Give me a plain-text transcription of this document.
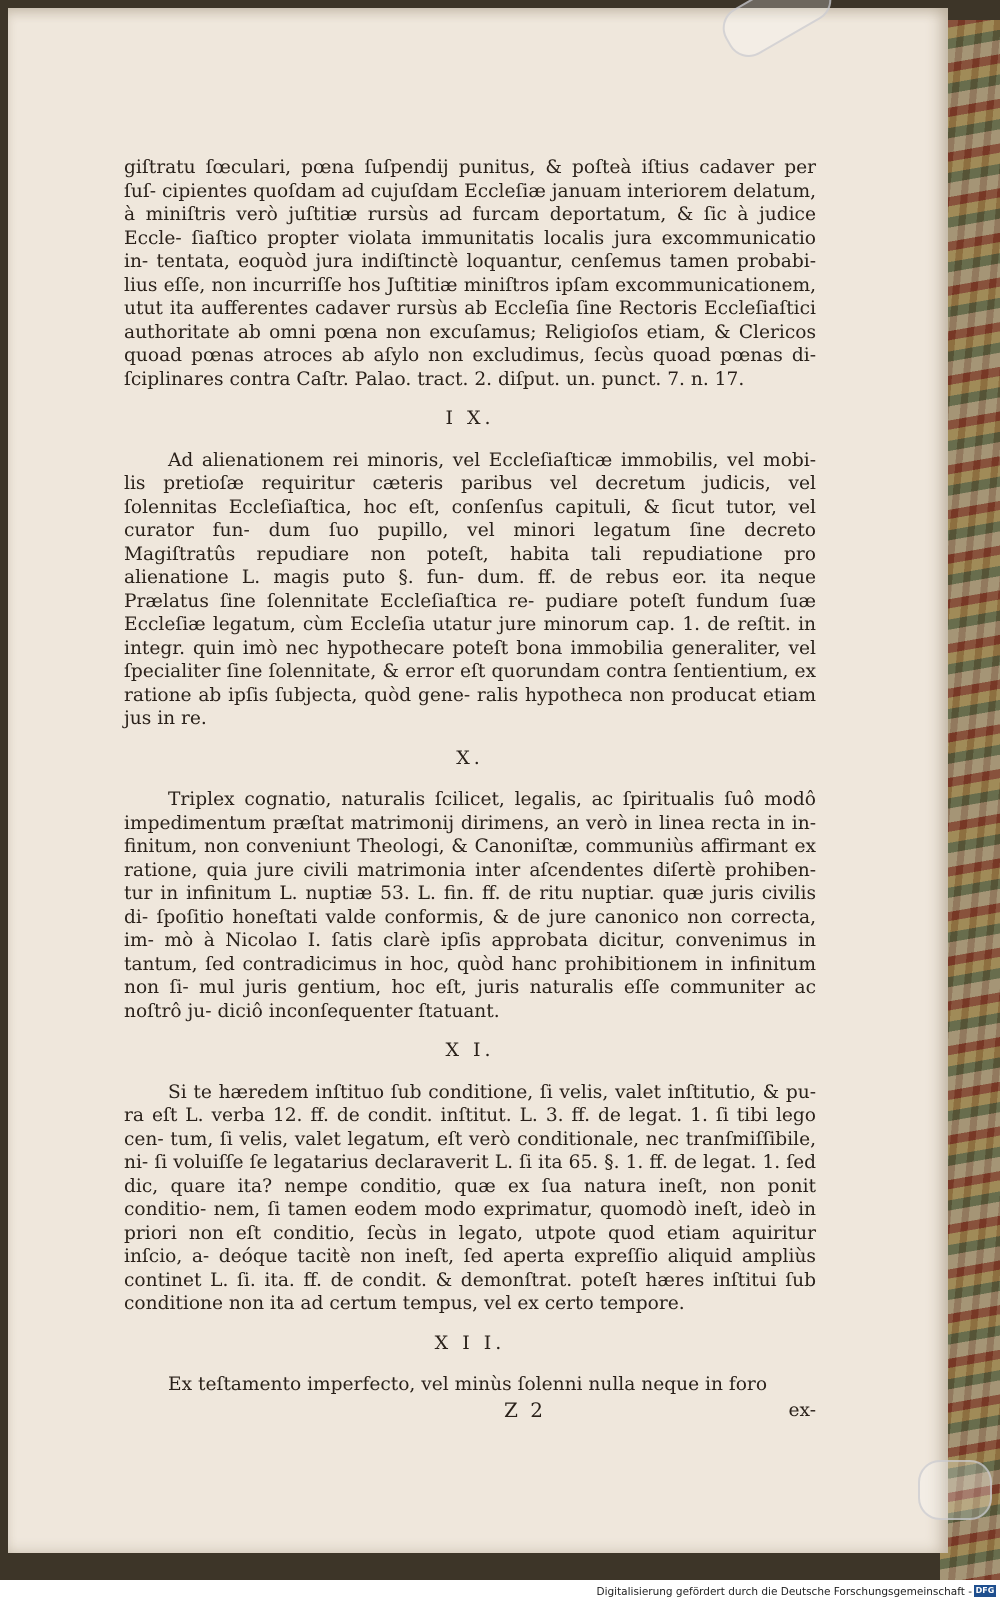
giſtratu ſœculari, pœna ſuſpendij punitus, & poſteà iſtius cadaver per ſuſ- cipientes quoſdam ad cujuſdam Eccleſiæ januam interiorem delatum, à miniſtris verò juſtitiæ rursùs ad furcam deportatum, & ſic à judice Eccle- ſiaſtico propter violata immunitatis localis jura excommunicatio in- tentata, eoquòd jura indiſtinctè loquantur, cenſemus tamen probabi- lius eſſe, non incurriſſe hos Juſtitiæ miniſtros ipſam excommunicationem, utut ita aufferentes cadaver rursùs ab Eccleſia ſine Rectoris Eccleſiaſtici authoritate ab omni pœna non excuſamus; Religioſos etiam, & Clericos quoad pœnas atroces ab aſylo non excludimus, ſecùs quoad pœnas di- ſciplinares contra Caſtr. Palao. tract. 2. diſput. un. punct. 7. n. 17.
I X.
Ad alienationem rei minoris, vel Eccleſiaſticæ immobilis, vel mobi- lis pretioſæ requiritur cæteris paribus vel decretum judicis, vel ſolennitas Eccleſiaſtica, hoc eſt, conſenſus capituli, & ſicut tutor, vel curator fun- dum ſuo pupillo, vel minori legatum ſine decreto Magiſtratûs repudiare non poteſt, habita tali repudiatione pro alienatione L. magis puto §. fun- dum. ff. de rebus eor. ita neque Prælatus ſine ſolennitate Eccleſiaſtica re- pudiare poteſt fundum ſuæ Eccleſiæ legatum, cùm Eccleſia utatur jure minorum cap. 1. de reſtit. in integr. quin imò nec hypothecare poteſt bona immobilia generaliter, vel ſpecialiter ſine ſolennitate, & error eſt quorundam contra ſentientium, ex ratione ab ipſis ſubjecta, quòd gene- ralis hypotheca non producat etiam jus in re.
X.
Triplex cognatio, naturalis ſcilicet, legalis, ac ſpiritualis ſuô modô impedimentum præſtat matrimonij dirimens, an verò in linea recta in in- finitum, non conveniunt Theologi, & Canoniſtæ, communiùs affirmant ex ratione, quia jure civili matrimonia inter aſcendentes diſertè prohiben- tur in infinitum L. nuptiæ 53. L. fin. ff. de ritu nuptiar. quæ juris civilis di- ſpoſitio honeſtati valde conformis, & de jure canonico non correcta, im- mò à Nicolao I. ſatis clarè ipſis approbata dicitur, convenimus in tantum, ſed contradicimus in hoc, quòd hanc prohibitionem in infinitum non ſi- mul juris gentium, hoc eſt, juris naturalis eſſe communiter ac noſtrô ju- diciô inconſequenter ſtatuant.
X I.
Si te hæredem inſtituo ſub conditione, ſi velis, valet inſtitutio, & pu- ra eſt L. verba 12. ff. de condit. inſtitut. L. 3. ff. de legat. 1. ſi tibi lego cen- tum, ſi velis, valet legatum, eſt verò conditionale, nec tranſmiſſibile, ni- ſi voluiſſe ſe legatarius declaraverit L. ſi ita 65. §. 1. ff. de legat. 1. ſed dic, quare ita? nempe conditio, quæ ex ſua natura ineſt, non ponit conditio- nem, ſi tamen eodem modo exprimatur, quomodò ineſt, ideò in priori non eſt conditio, ſecùs in legato, utpote quod etiam aquiritur inſcio, a- deóque tacitè non ineſt, ſed aperta expreſſio aliquid ampliùs continet L. ſi. ita. ff. de condit. & demonſtrat. poteſt hæres inſtitui ſub conditione non ita ad certum tempus, vel ex certo tempore.
X I I.
Ex teſtamento imperfecto, vel minùs ſolenni nulla neque in foro
Z 2	ex-
Digitalisierung gefördert durch die Deutsche Forschungsgemeinschaft - DFG
